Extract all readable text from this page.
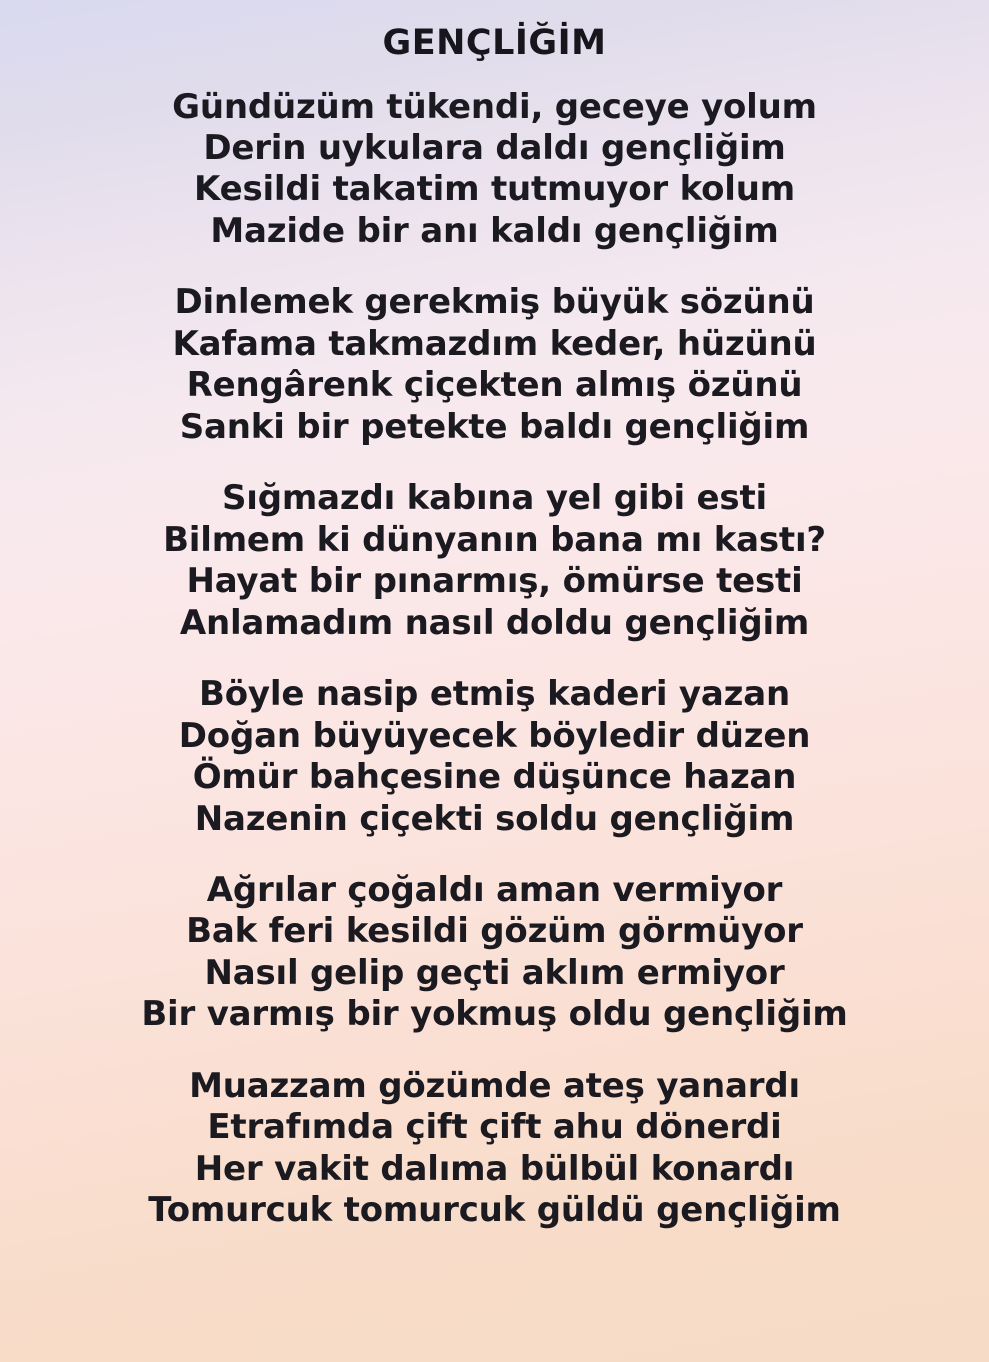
GENÇLİĞİM
Gündüzüm tükendi, geceye yolum
Derin uykulara daldı gençliğim
Kesildi takatim tutmuyor kolum
Mazide bir anı kaldı gençliğim
Dinlemek gerekmiş büyük sözünü
Kafama takmazdım keder, hüzünü
Rengârenk çiçekten almış özünü
Sanki bir petekte baldı gençliğim
Sığmazdı kabına yel gibi esti
Bilmem ki dünyanın bana mı kastı?
Hayat bir pınarmış, ömürse testi
Anlamadım nasıl doldu gençliğim
Böyle nasip etmiş kaderi yazan
Doğan büyüyecek böyledir düzen
Ömür bahçesine düşünce hazan
Nazenin çiçekti soldu gençliğim
Ağrılar çoğaldı aman vermiyor
Bak feri kesildi gözüm görmüyor
Nasıl gelip geçti aklım ermiyor
Bir varmış bir yokmuş oldu gençliğim
Muazzam gözümde ateş yanardı
Etrafımda çift çift ahu dönerdi
Her vakit dalıma bülbül konardı
Tomurcuk tomurcuk güldü gençliğim
